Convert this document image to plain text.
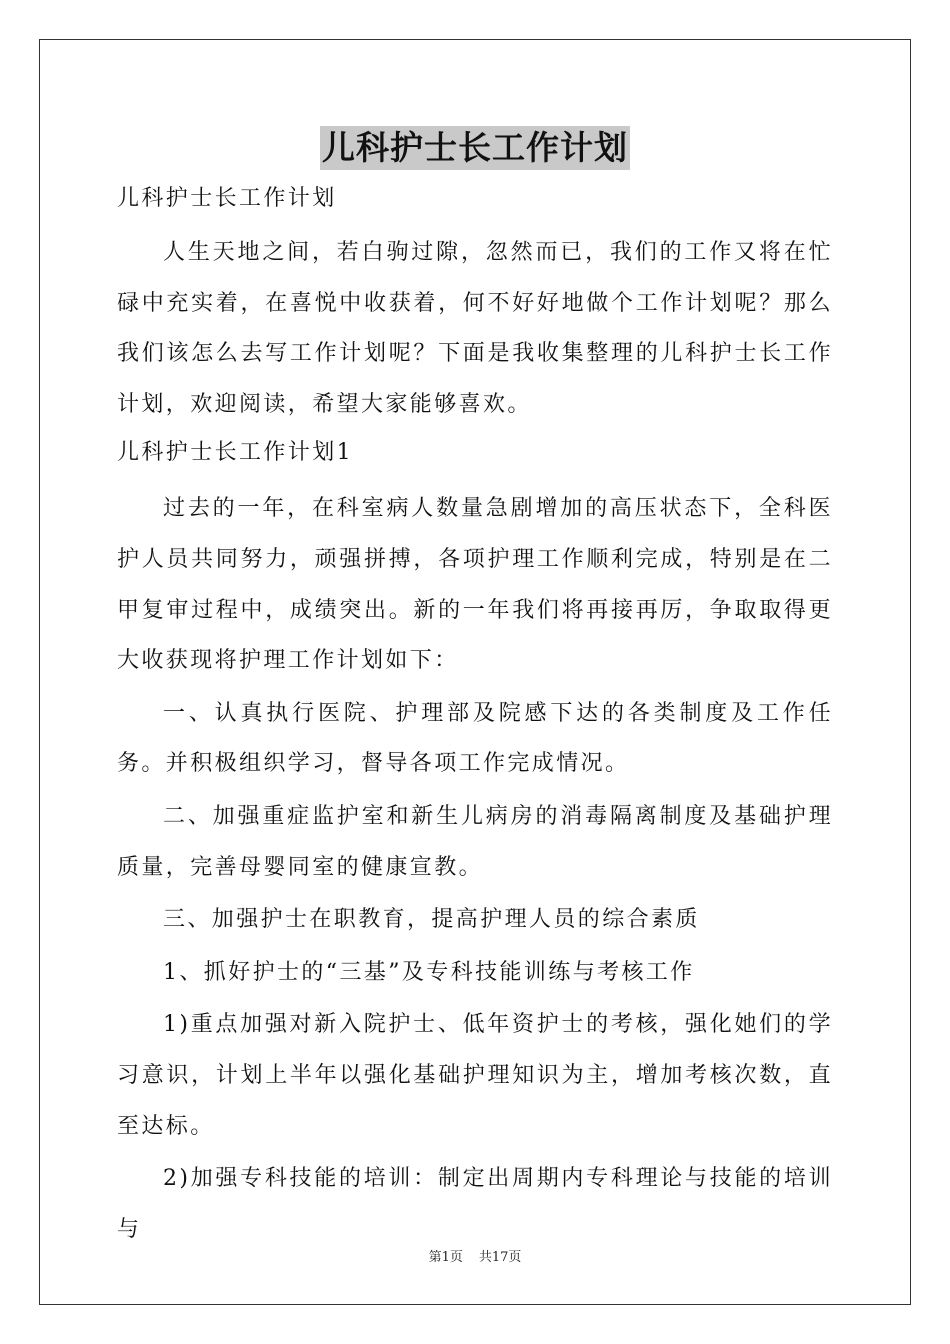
儿科护士长工作计划

儿科护士长工作计划

人生天地之间，若白驹过隙，忽然而已，我们的工作又将在忙碌中充实着，在喜悦中收获着，何不好好地做个工作计划呢？那么我们该怎么去写工作计划呢？下面是我收集整理的儿科护士长工作计划，欢迎阅读，希望大家能够喜欢。

儿科护士长工作计划1

过去的一年，在科室病人数量急剧增加的高压状态下，全科医护人员共同努力，顽强拼搏，各项护理工作顺利完成，特别是在二甲复审过程中，成绩突出。新的一年我们将再接再厉，争取取得更大收获现将护理工作计划如下：

一、认真执行医院、护理部及院感下达的各类制度及工作任务。并积极组织学习，督导各项工作完成情况。

二、加强重症监护室和新生儿病房的消毒隔离制度及基础护理质量，完善母婴同室的健康宣教。

三、加强护士在职教育，提高护理人员的综合素质

1、抓好护士的“三基”及专科技能训练与考核工作

1)重点加强对新入院护士、低年资护士的考核，强化她们的学习意识，计划上半年以强化基础护理知识为主，增加考核次数，直至达标。

2)加强专科技能的培训：制定出周期内专科理论与技能的培训与

第1页 共17页
